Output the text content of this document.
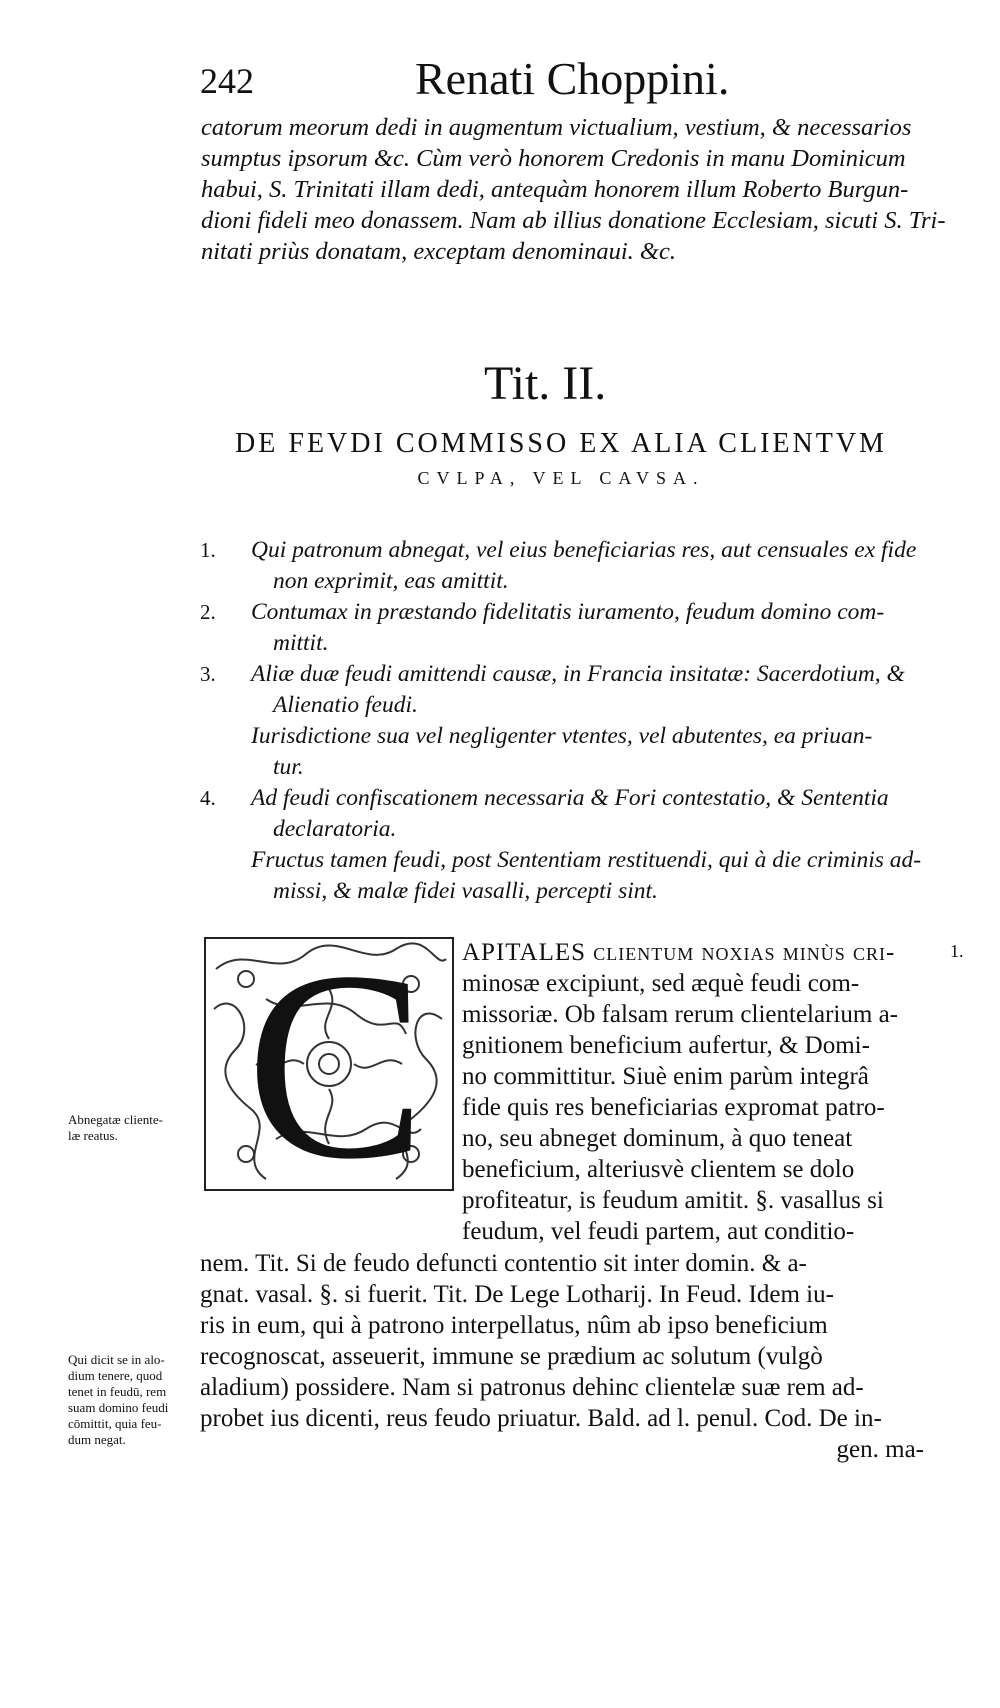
242	Renati Choppini.
catorum meorum dedi in augmentum victualium, vestium, & necessarios
sumptus ipsorum &c. Cùm verò honorem Credonis in manu Dominicum
habui, S. Trinitati illam dedi, antequàm honorem illum Roberto Burgun-
dioni fideli meo donassem. Nam ab illius donatione Ecclesiam, sicuti S. Tri-
nitati priùs donatam, exceptam denominaui. &c.
Tit. II.
DE FEVDI COMMISSO EX ALIA CLIENTVM
CVLPA, VEL CAVSA.
1. Qui patronum abnegat, vel eius beneficiarias res, aut censuales ex fide
non exprimit, eas amittit.
2. Contumax in præstando fidelitatis iuramento, feudum domino com-
mittit.
3. Aliæ duæ feudi amittendi causæ, in Francia insitatæ: Sacerdotium, &
Alienatio feudi.
Iurisdictione sua vel negligenter vtentes, vel abutentes, ea priuan-
tur.
4. Ad feudi confiscationem necessaria & Fori contestatio, & Sententia
declaratoria.
Fructus tamen feudi, post Sententiam restituendi, qui à die criminis ad-
missi, & malæ fidei vasalli, percepti sint.
C APITALES clientum noxias minùs cri-
minosæ excipiunt, sed æquè feudi com-
missoriæ. Ob falsam rerum clientelarium a-
gnitionem beneficium aufertur, & Domi-
no committitur. Siuè enim parùm integrâ
fide quis res beneficiarias expromat patro-
no, seu abneget dominum, à quo teneat
beneficium, alteriusvè clientem se dolo
profiteatur, is feudum amitit. §. vasallus si
feudum, vel feudi partem, aut conditio-
nem. Tit. Si de feudo defuncti contentio sit inter domin. & a-
gnat. vasal. §. si fuerit. Tit. De Lege Lotharij. In Feud. Idem iu-
ris in eum, qui à patrono interpellatus, nûm ab ipso beneficium
recognoscat, asseuerit, immune se prædium ac solutum (vulgò
aladium) possidere. Nam si patronus dehinc clientelæ suæ rem ad-
probet ius dicenti, reus feudo priuatur. Bald. ad l. penul. Cod. De in-
gen. ma-
1.
Abnegatæ cliente-
læ reatus.
Qui dicit se in alo-
dium tenere, quod
tenet in feudū, rem
suam domino feudi
cōmittit, quia feu-
dum negat.
